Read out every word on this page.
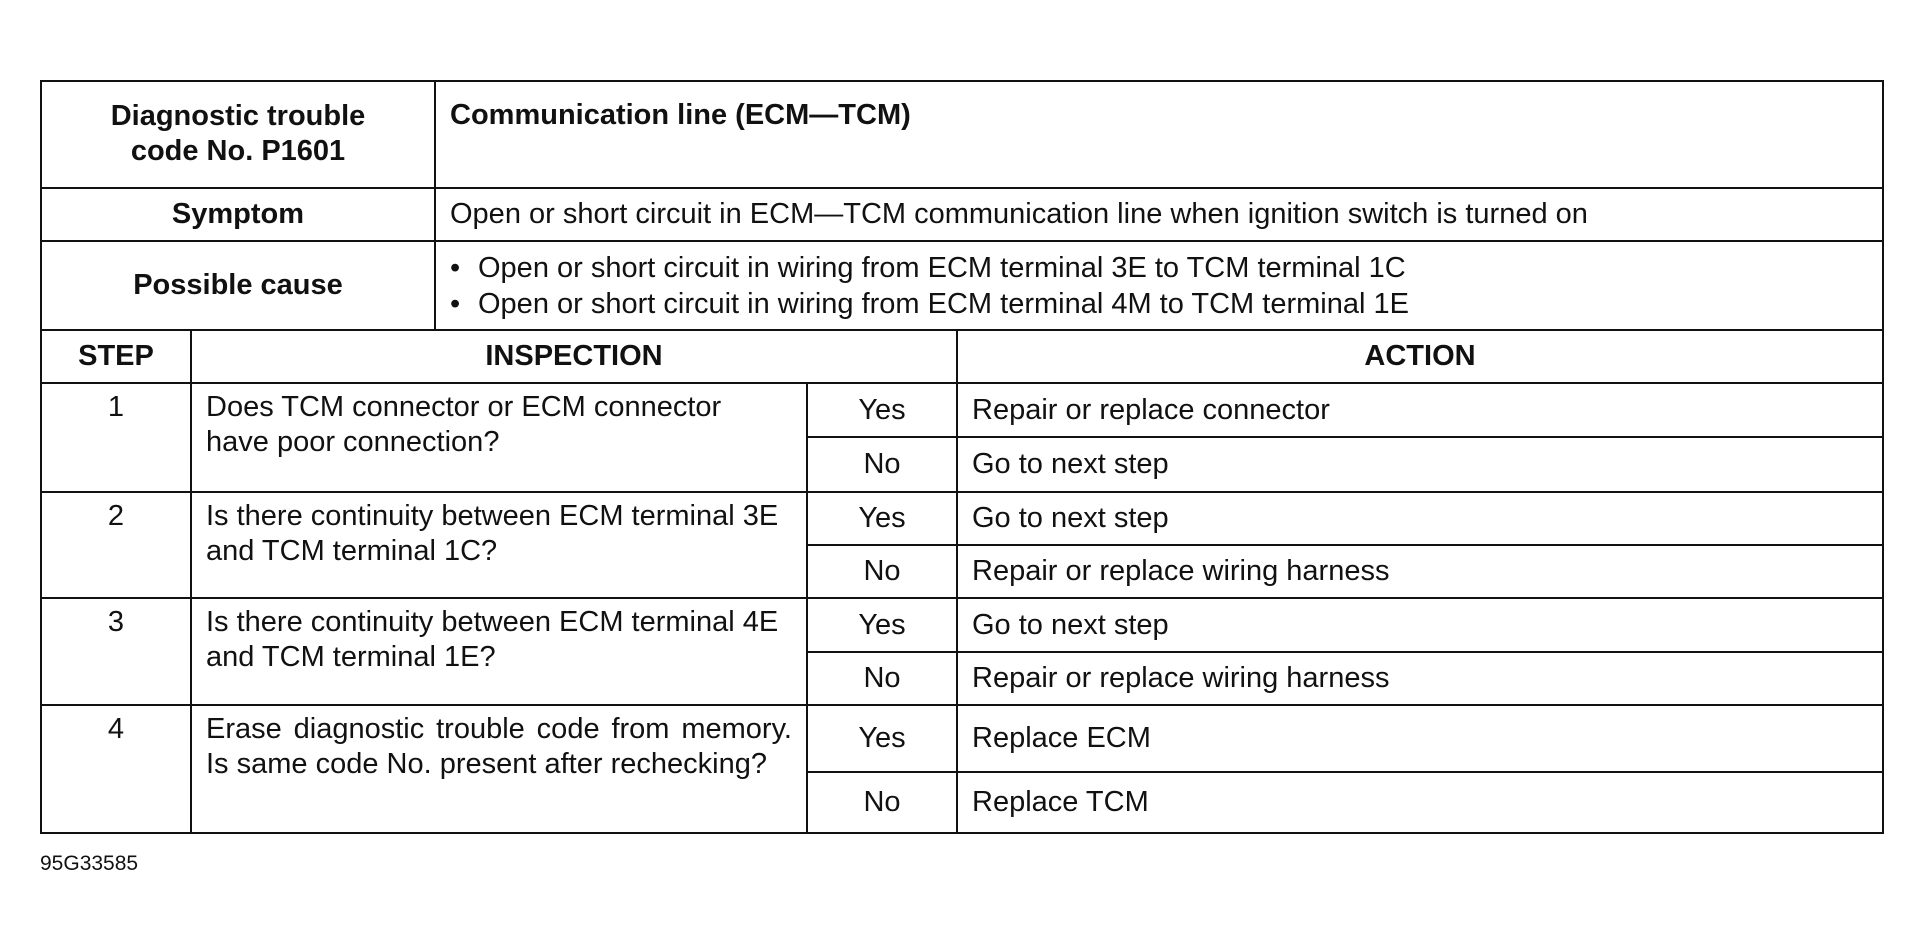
Diagnostic trouble code No. P1601		Communication line (ECM—TCM)		
Symptom		Open or short circuit in ECM—TCM communication line when ignition switch is turned on		
Possible cause		• Open or short circuit in wiring from ECM terminal 3E to TCM terminal 1C
• Open or short circuit in wiring from ECM terminal 4M to TCM terminal 1E		

STEP	INSPECTION			ACTION
1	Does TCM connector or ECM connector have poor connection?		Yes	Repair or replace connector
			No	Go to next step
2	Is there continuity between ECM terminal 3E and TCM terminal 1C?		Yes	Go to next step
			No	Repair or replace wiring harness
3	Is there continuity between ECM terminal 4E and TCM terminal 1E?		Yes	Go to next step
			No	Repair or replace wiring harness
4	Erase diagnostic trouble code from memory. Is same code No. present after rechecking?		Yes	Replace ECM
			No	Replace TCM
95G33585
